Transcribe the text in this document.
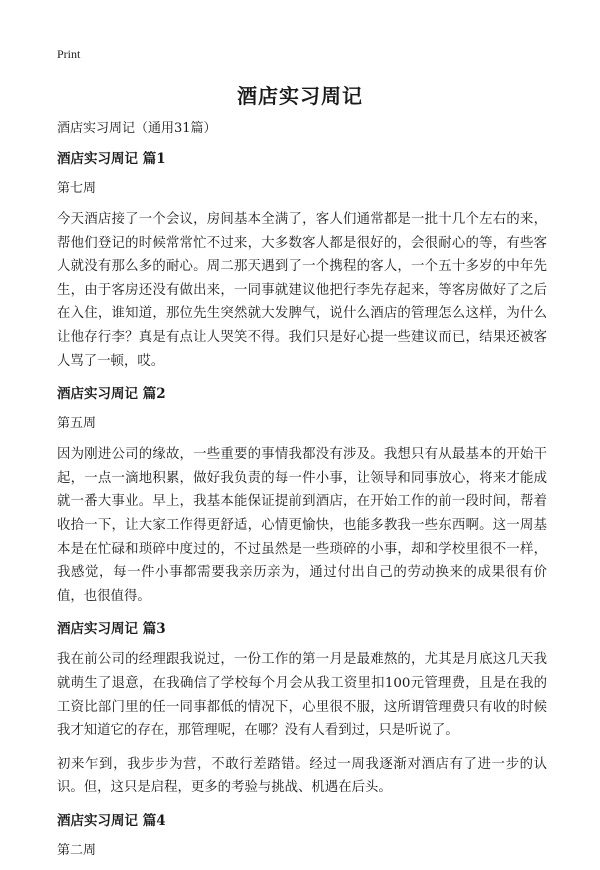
Print
酒店实习周记

酒店实习周记（通用31篇）

酒店实习周记 篇1

第七周

今天酒店接了一个会议，房间基本全满了，客人们通常都是一批十几个左右的来，帮他们登记的时候常常忙不过来，大多数客人都是很好的，会很耐心的等，有些客人就没有那么多的耐心。周二那天遇到了一个携程的客人，一个五十多岁的中年先生，由于客房还没有做出来，一同事就建议他把行李先存起来，等客房做好了之后在入住，谁知道，那位先生突然就大发脾气，说什么酒店的管理怎么这样，为什么让他存行李？真是有点让人哭笑不得。我们只是好心提一些建议而已，结果还被客人骂了一顿，哎。

酒店实习周记 篇2

第五周

因为刚进公司的缘故，一些重要的事情我都没有涉及。我想只有从最基本的开始干起，一点一滴地积累，做好我负责的每一件小事，让领导和同事放心，将来才能成就一番大事业。早上，我基本能保证提前到酒店，在开始工作的前一段时间，帮着收拾一下，让大家工作得更舒适，心情更愉快，也能多教我一些东西啊。这一周基本是在忙碌和琐碎中度过的，不过虽然是一些琐碎的小事，却和学校里很不一样，我感觉，每一件小事都需要我亲历亲为，通过付出自己的劳动换来的成果很有价值，也很值得。

酒店实习周记 篇3

我在前公司的经理跟我说过，一份工作的第一月是最难熬的，尤其是月底这几天我就萌生了退意，在我确信了学校每个月会从我工资里扣100元管理费，且是在我的工资比部门里的任一同事都低的情况下，心里很不服，这所谓管理费只有收的时候我才知道它的存在，那管理呢，在哪？没有人看到过，只是听说了。

初来乍到，我步步为营，不敢行差踏错。经过一周我逐渐对酒店有了进一步的认识。但，这只是启程，更多的考验与挑战、机遇在后头。

酒店实习周记 篇4

第二周
